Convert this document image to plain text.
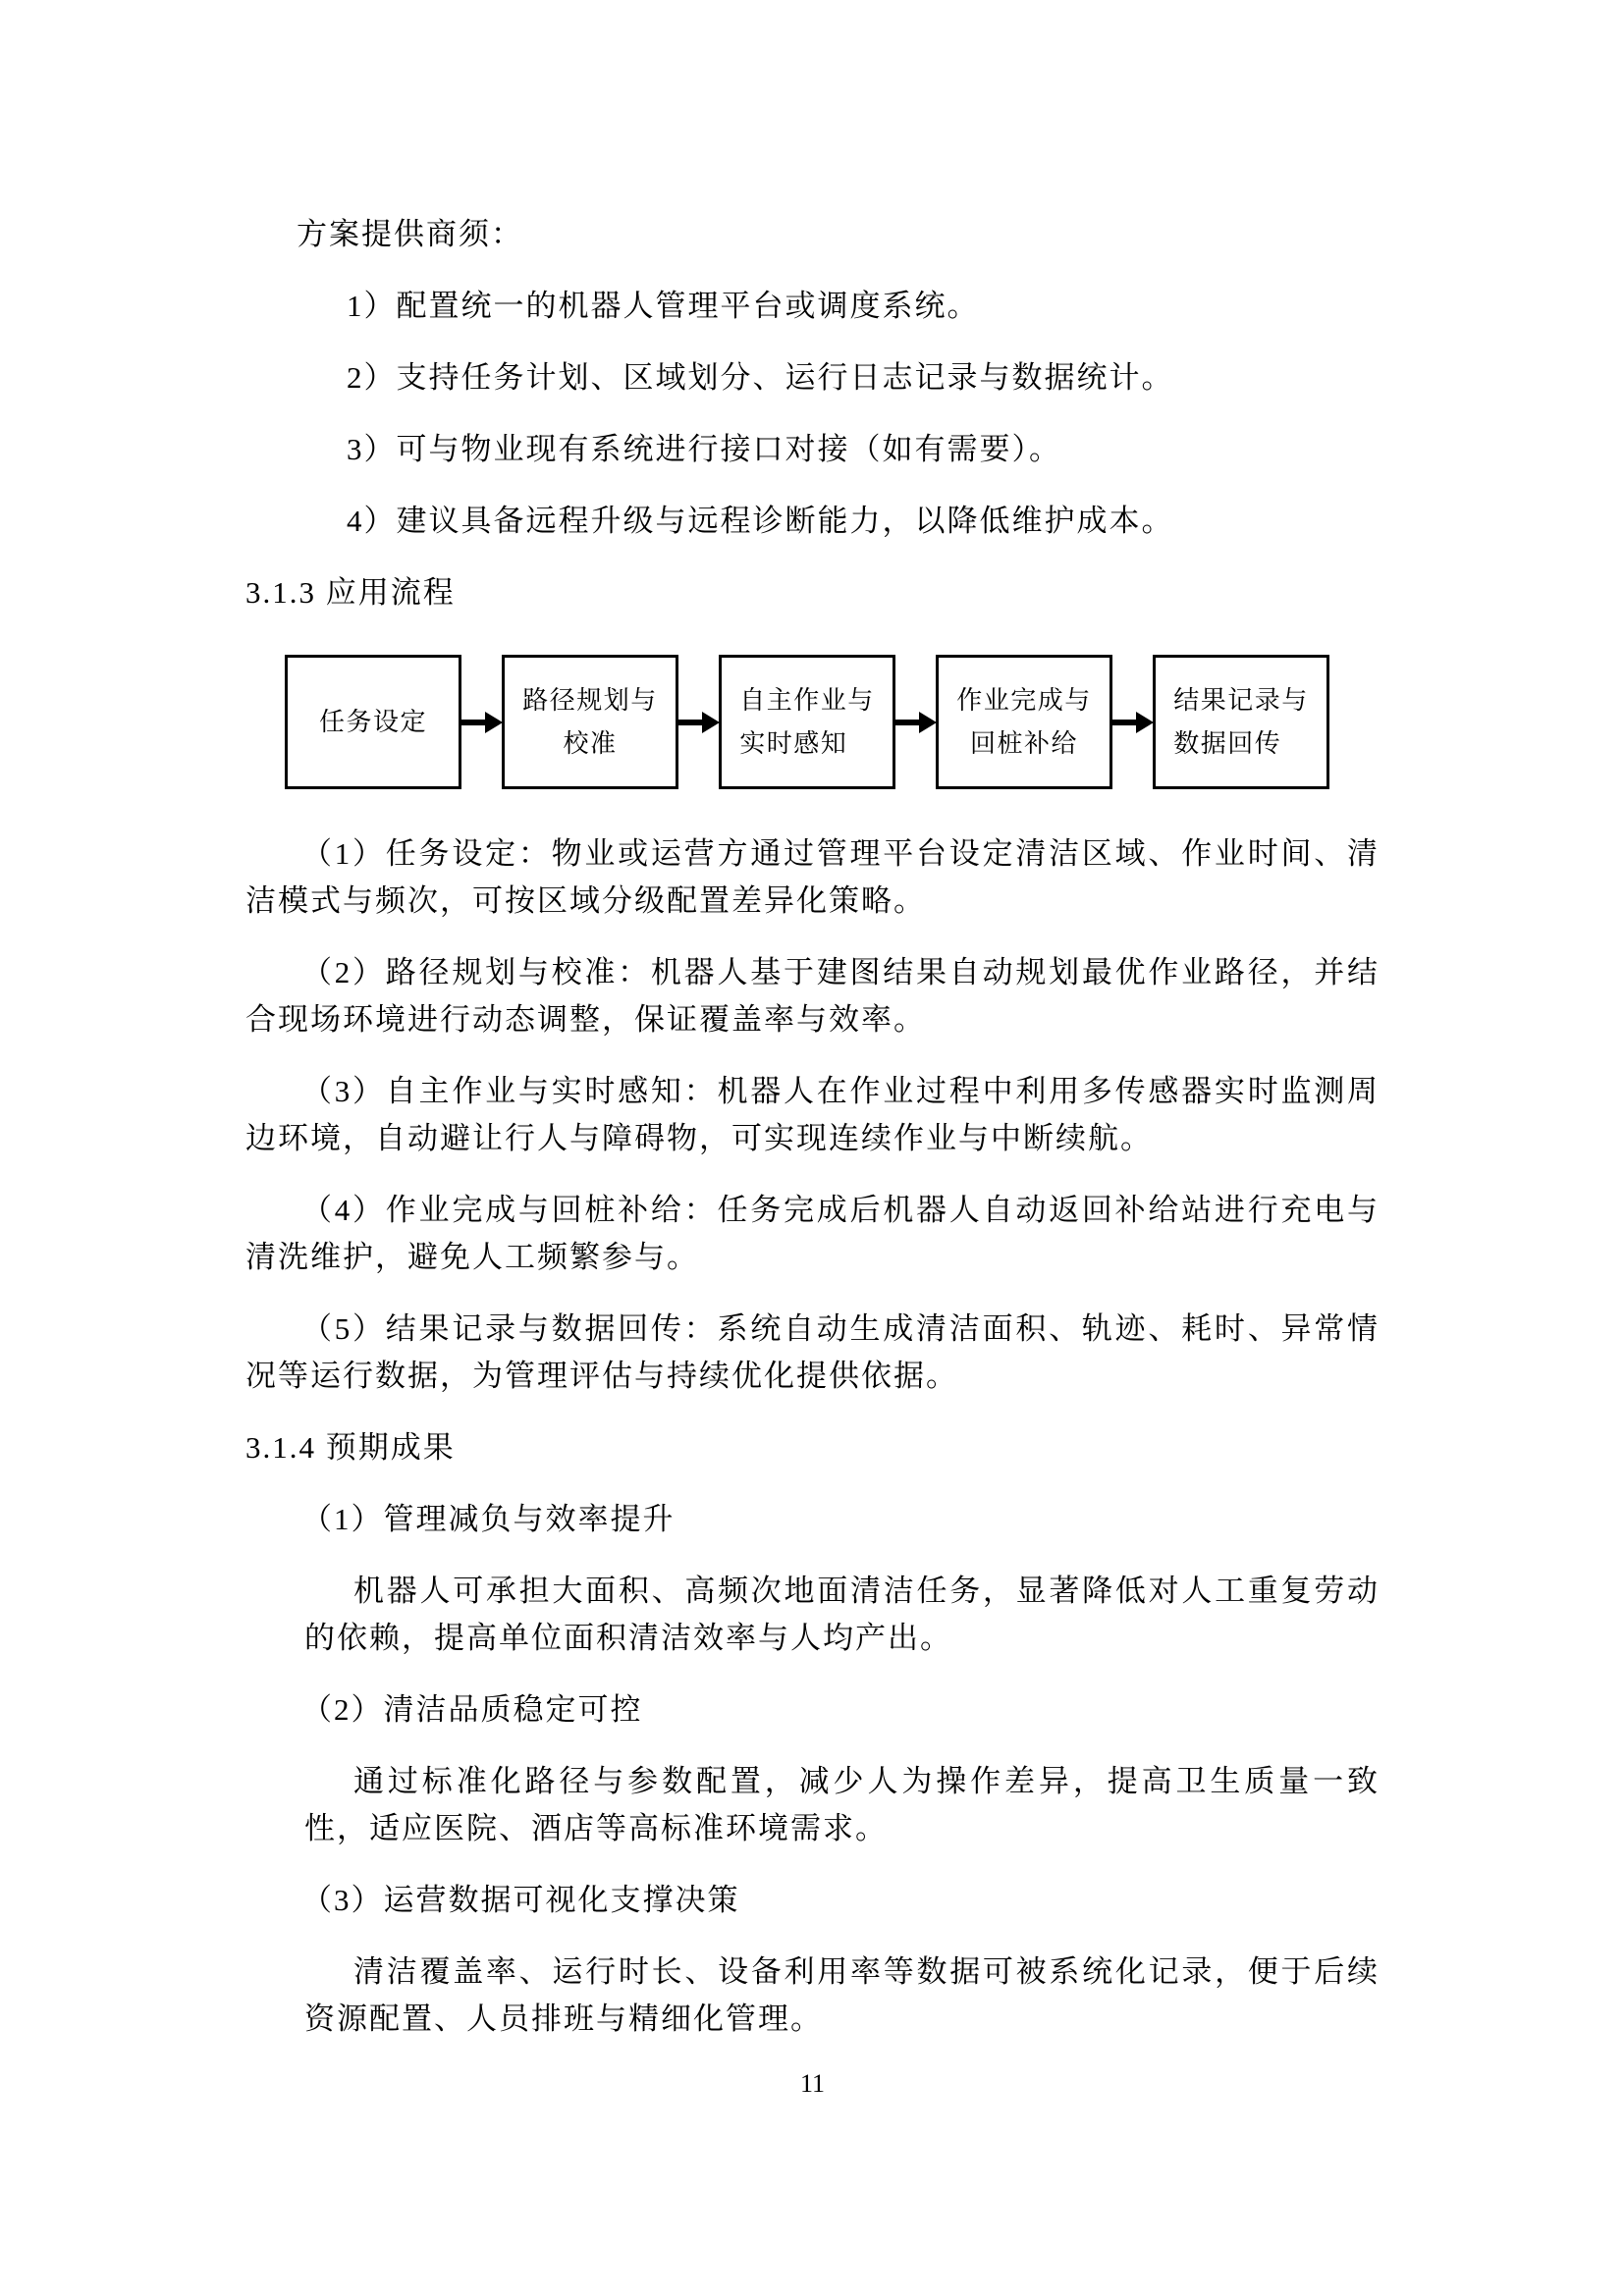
方案提供商须：

1）配置统一的机器人管理平台或调度系统。

2）支持任务计划、区域划分、运行日志记录与数据统计。

3）可与物业现有系统进行接口对接（如有需要）。

4）建议具备远程升级与远程诊断能力，以降低维护成本。

3.1.3 应用流程

任务设定
路径规划与
校准
自主作业与
实时感知
作业完成与
回桩补给
结果记录与
数据回传

（1）任务设定：物业或运营方通过管理平台设定清洁区域、作业时间、清洁模式与频次，可按区域分级配置差异化策略。

（2）路径规划与校准：机器人基于建图结果自动规划最优作业路径，并结合现场环境进行动态调整，保证覆盖率与效率。

（3）自主作业与实时感知：机器人在作业过程中利用多传感器实时监测周边环境，自动避让行人与障碍物，可实现连续作业与中断续航。

（4）作业完成与回桩补给：任务完成后机器人自动返回补给站进行充电与清洗维护，避免人工频繁参与。

（5）结果记录与数据回传：系统自动生成清洁面积、轨迹、耗时、异常情况等运行数据，为管理评估与持续优化提供依据。

3.1.4 预期成果

（1）管理减负与效率提升

机器人可承担大面积、高频次地面清洁任务，显著降低对人工重复劳动的依赖，提高单位面积清洁效率与人均产出。

（2）清洁品质稳定可控

通过标准化路径与参数配置，减少人为操作差异，提高卫生质量一致性，适应医院、酒店等高标准环境需求。

（3）运营数据可视化支撑决策

清洁覆盖率、运行时长、设备利用率等数据可被系统化记录，便于后续资源配置、人员排班与精细化管理。

11
